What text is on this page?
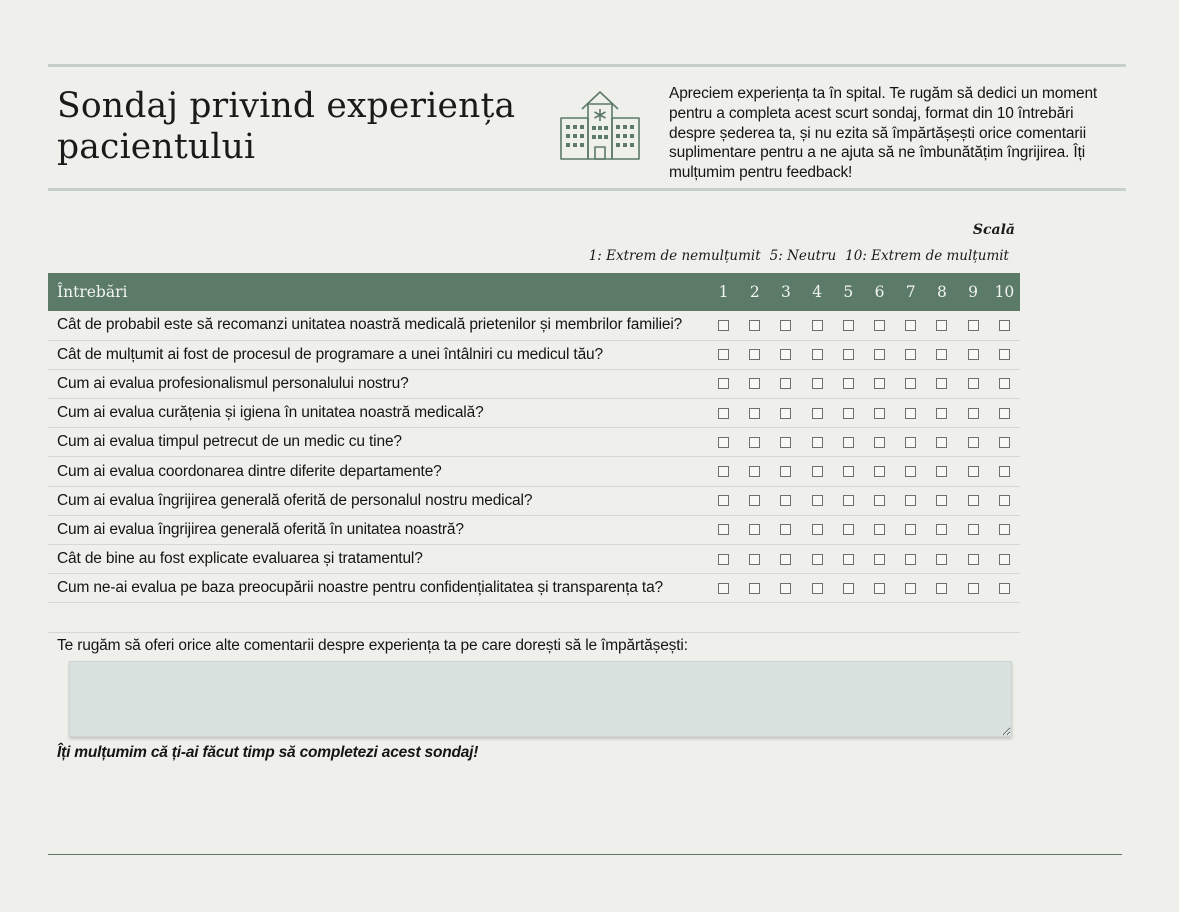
Sondaj privind experiența
pacientului
Apreciem experiența ta în spital. Te rugăm să dedici un moment pentru a completa acest scurt sondaj, format din 10 întrebări despre șederea ta, și nu ezita să împărtășești orice comentarii suplimentare pentru a ne ajuta să ne îmbunătățim îngrijirea. Îți mulțumim pentru feedback!
Scală
1: Extrem de nemulțumit 5: Neutru 10: Extrem de mulțumit
Întrebări	1	2	3	4	5	6	7	8	9	10
Cât de probabil este să recomanzi unitatea noastră medicală prietenilor și membrilor familiei?										
Cât de mulțumit ai fost de procesul de programare a unei întâlniri cu medicul tău?										
Cum ai evalua profesionalismul personalului nostru?										
Cum ai evalua curățenia și igiena în unitatea noastră medicală?										
Cum ai evalua timpul petrecut de un medic cu tine?										
Cum ai evalua coordonarea dintre diferite departamente?										
Cum ai evalua îngrijirea generală oferită de personalul nostru medical?										
Cum ai evalua îngrijirea generală oferită în unitatea noastră?										
Cât de bine au fost explicate evaluarea și tratamentul?										
Cum ne-ai evalua pe baza preocupării noastre pentru confidențialitatea și transparența ta?										

Te rugăm să oferi orice alte comentarii despre experiența ta pe care dorești să le împărtășești:
Îți mulțumim că ți-ai făcut timp să completezi acest sondaj!
